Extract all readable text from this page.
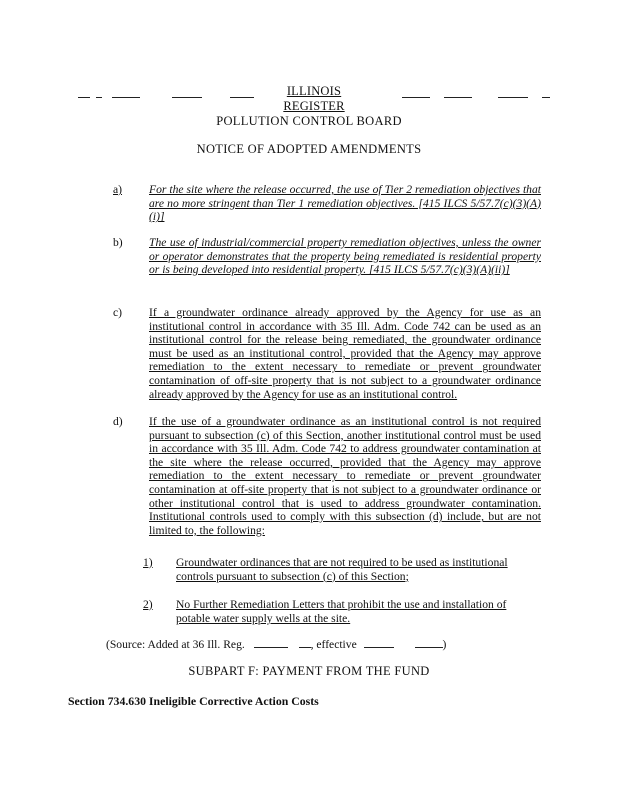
ILLINOIS REGISTER
POLLUTION CONTROL BOARD
NOTICE OF ADOPTED AMENDMENTS
a)	For the site where the release occurred, the use of Tier 2 remediation objectives that are no more stringent than Tier 1 remediation objectives. [415 ILCS 5/57.7(c)(3)(A)(i)]
b)	The use of industrial/commercial property remediation objectives, unless the owner or operator demonstrates that the property being remediated is residential property or is being developed into residential property. [415 ILCS 5/57.7(c)(3)(A)(ii)]
c)	If a groundwater ordinance already approved by the Agency for use as an institutional control in accordance with 35 Ill. Adm. Code 742 can be used as an institutional control for the release being remediated, the groundwater ordinance must be used as an institutional control, provided that the Agency may approve remediation to the extent necessary to remediate or prevent groundwater contamination of off-site property that is not subject to a groundwater ordinance already approved by the Agency for use as an institutional control.
d)	If the use of a groundwater ordinance as an institutional control is not required pursuant to subsection (c) of this Section, another institutional control must be used in accordance with 35 Ill. Adm. Code 742 to address groundwater contamination at the site where the release occurred, provided that the Agency may approve remediation to the extent necessary to remediate or prevent groundwater contamination at off-site property that is not subject to a groundwater ordinance or other institutional control that is used to address groundwater contamination. Institutional controls used to comply with this subsection (d) include, but are not limited to, the following:
1)	Groundwater ordinances that are not required to be used as institutional controls pursuant to subsection (c) of this Section;
2)	No Further Remediation Letters that prohibit the use and installation of potable water supply wells at the site.
(Source: Added at 36 Ill. Reg.	, effective	)
SUBPART F: PAYMENT FROM THE FUND
Section 734.630 Ineligible Corrective Action Costs
